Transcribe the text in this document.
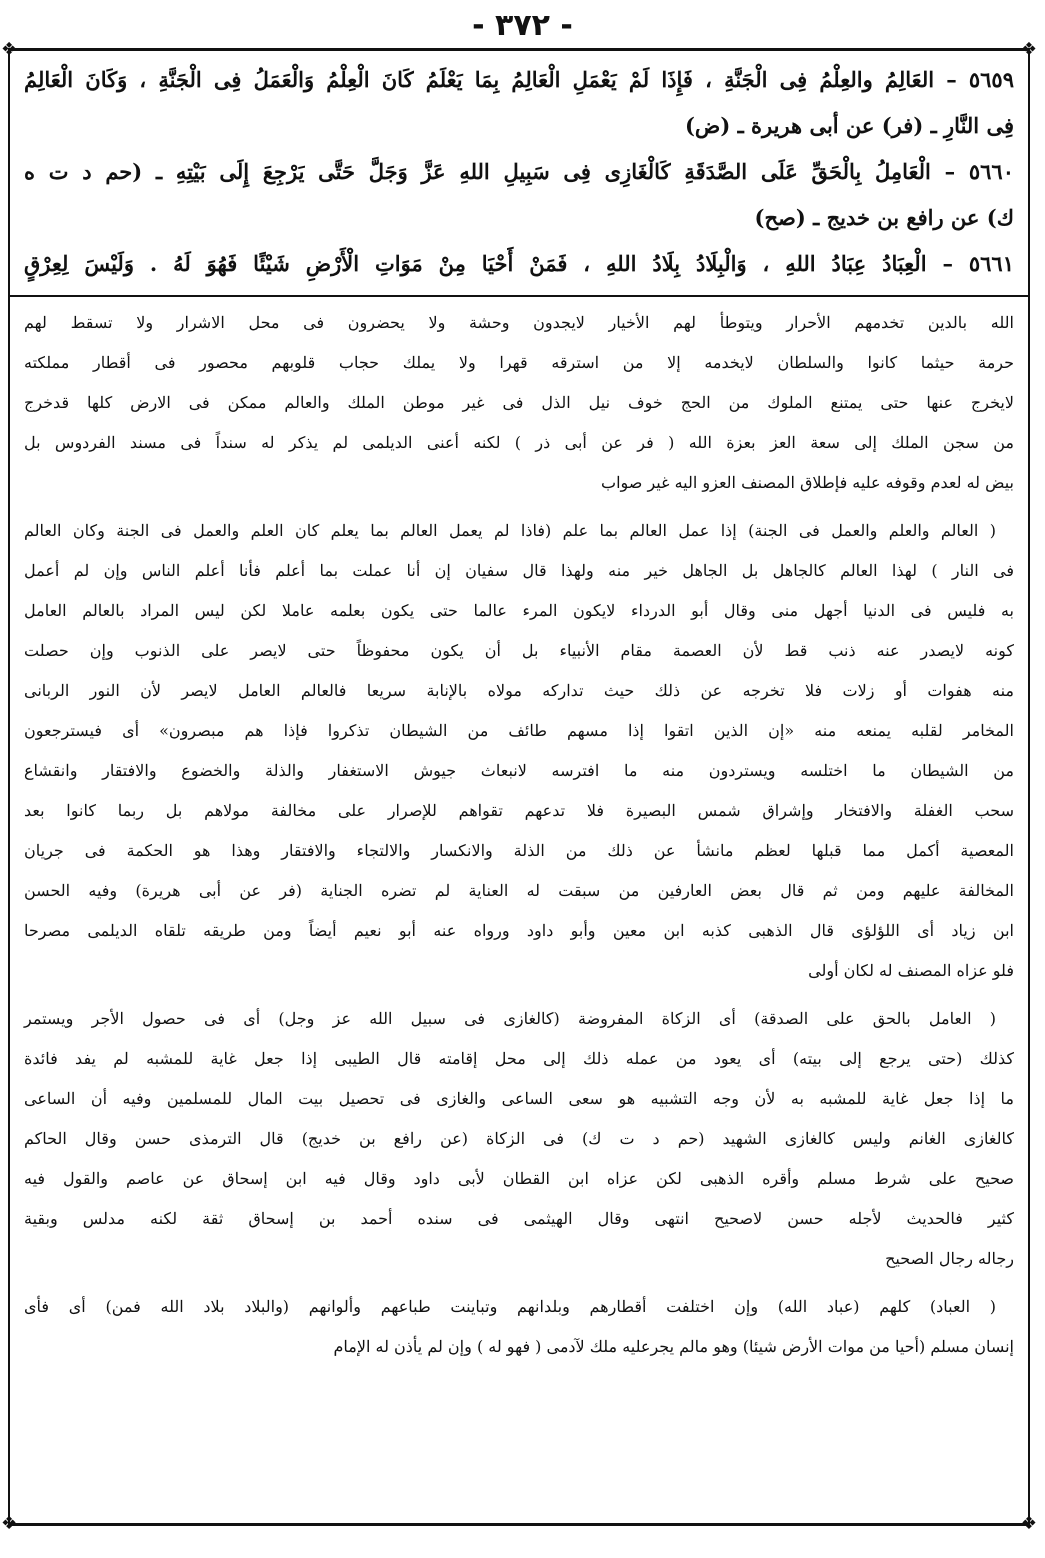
- ٣٧٢ -
❖	❖
❖	❖
٥٦٥٩ – العَالِمُ والعِلْمُ فِى الْجَنَّةِ ، فَإِذَا لَمْ يَعْمَلِ الْعَالِمُ بِمَا يَعْلَمُ كَانَ الْعِلْمُ وَالْعَمَلُ فِى الْجَنَّةِ ، وَكَانَ الْعَالِمُ
فِى النَّارِ ـ (فر) عن أبى هريرة ـ (ض)
٥٦٦٠ – الْعَامِلُ بِالْحَقِّ عَلَى الصَّدَقَةِ كَالْغَازِى فِى سَبِيلِ اللهِ عَزَّ وَجَلَّ حَتَّى يَرْجِعَ إِلَى بَيْتِهِ ـ (حم د ت ه
ك) عن رافع بن خديج ـ (صح)
٥٦٦١ – الْعِبَادُ عِبَادُ اللهِ ، وَالْبِلَادُ بِلَادُ اللهِ ، فَمَنْ أَحْيَا مِنْ مَوَاتِ الْأَرْضِ شَيْئًا فَهُوَ لَهُ . وَلَيْسَ لِعِرْقٍ
الله بالدين تخدمهم الأحرار ويتوطأ لهم الأخيار لايجدون وحشة ولا يحضرون فى محل الاشرار ولا تسقط لهم
حرمة حيثما كانوا والسلطان لايخدمه إلا من استرقه قهرا ولا يملك حجاب قلوبهم محصور فى أقطار مملكته
لايخرج عنها حتى يمتنع الملوك من الحج خوف نيل الذل فى غير موطن الملك والعالم ممكن فى الارض كلها قدخرج
من سجن الملك إلى سعة العز بعزة الله ( فر عن أبى ذر ) لكنه أعنى الديلمى لم يذكر له سنداً فى مسند الفردوس بل
بيض له لعدم وقوفه عليه فإطلاق المصنف العزو اليه غير صواب
( العالم والعلم والعمل فى الجنة) إذا عمل العالم بما علم (فاذا لم يعمل العالم بما يعلم كان العلم والعمل فى الجنة وكان العالم
فى النار ) لهذا العالم كالجاهل بل الجاهل خير منه ولهذا قال سفيان إن أنا عملت بما أعلم فأنا أعلم الناس وإن لم أعمل
به فليس فى الدنيا أجهل منى وقال أبو الدرداء لايكون المرء عالما حتى يكون بعلمه عاملا لكن ليس المراد بالعالم العامل
كونه لايصدر عنه ذنب قط لأن العصمة مقام الأنبياء بل أن يكون محفوظاً حتى لايصر على الذنوب وإن حصلت
منه هفوات أو زلات فلا تخرجه عن ذلك حيث تداركه مولاه بالإنابة سريعا فالعالم العامل لايصر لأن النور الربانى
المخامر لقلبه يمنعه منه «إن الذين اتقوا إذا مسهم طائف من الشيطان تذكروا فإذا هم مبصرون» أى فيسترجعون
من الشيطان ما اختلسه ويستردون منه ما افترسه لانبعاث جيوش الاستغفار والذلة والخضوع والافتقار وانقشاع
سحب الغفلة والافتخار وإشراق شمس البصيرة فلا تدعهم تقواهم للإصرار على مخالفة مولاهم بل ربما كانوا بعد
المعصية أكمل مما قبلها لعظم مانشأ عن ذلك من الذلة والانكسار والالتجاء والافتقار وهذا هو الحكمة فى جريان
المخالفة عليهم ومن ثم قال بعض العارفين من سبقت له العناية لم تضره الجناية (فر عن أبى هريرة) وفيه الحسن
ابن زياد أى اللؤلؤى قال الذهبى كذبه ابن معين وأبو داود ورواه عنه أبو نعيم أيضاً ومن طريقه تلقاه الديلمى مصرحا
فلو عزاه المصنف له لكان أولى
( العامل بالحق على الصدقة) أى الزكاة المفروضة (كالغازى فى سبيل الله عز وجل) أى فى حصول الأجر ويستمر
كذلك (حتى يرجع إلى بيته) أى يعود من عمله ذلك إلى محل إقامته قال الطيبى إذا جعل غاية للمشبه لم يفد فائدة
ما إذا جعل غاية للمشبه به لأن وجه التشبيه هو سعى الساعى والغازى فى تحصيل بيت المال للمسلمين وفيه أن الساعى
كالغازى الغانم وليس كالغازى الشهيد (حم د ت ك) فى الزكاة (عن رافع بن خديج) قال الترمذى حسن وقال الحاكم
صحيح على شرط مسلم وأقره الذهبى لكن عزاه ابن القطان لأبى داود وقال فيه ابن إسحاق عن عاصم والقول فيه
كثير فالحديث لأجله حسن لاصحيح انتهى وقال الهيثمى فى سنده أحمد بن إسحاق ثقة لكنه مدلس وبقية
رجاله رجال الصحيح
( العباد) كلهم (عباد الله) وإن اختلفت أقطارهم وبلدانهم وتباينت طباعهم وألوانهم (والبلاد بلاد الله فمن) أى فأى
إنسان مسلم (أحيا من موات الأرض شيئا) وهو مالم يجرعليه ملك لآدمى ( فهو له ) وإن لم يأذن له الإمام
